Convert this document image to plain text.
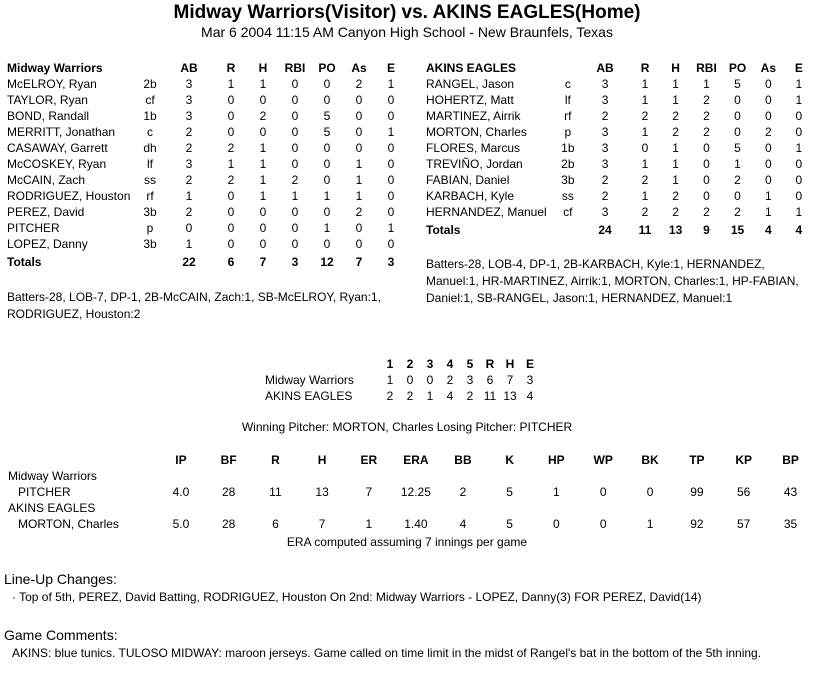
Midway Warriors(Visitor) vs. AKINS EAGLES(Home)
Mar 6 2004 11:15 AM Canyon High School - New Braunfels, Texas
Midway Warriors		AB	R	H	RBI	PO	As	E
McELROY, Ryan	2b	3	1	1	0	0	2	1
TAYLOR, Ryan	cf	3	0	0	0	0	0	0
BOND, Randall	1b	3	0	2	0	5	0	0
MERRITT, Jonathan	c	2	0	0	0	5	0	1
CASAWAY, Garrett	dh	2	2	1	0	0	0	0
McCOSKEY, Ryan	lf	3	1	1	0	0	1	0
McCAIN, Zach	ss	2	2	1	2	0	1	0
RODRIGUEZ, Houston	rf	1	0	1	1	1	1	0
PEREZ, David	3b	2	0	0	0	0	2	0
PITCHER	p	0	0	0	0	1	0	1
LOPEZ, Danny	3b	1	0	0	0	0	0	0
Totals		22	6	7	3	12	7	3
AKINS EAGLES		AB	R	H	RBI	PO	As	E
RANGEL, Jason	c	3	1	1	1	5	0	1
HOHERTZ, Matt	lf	3	1	1	2	0	0	1
MARTINEZ, Airrik	rf	2	2	2	2	0	0	0
MORTON, Charles	p	3	1	2	2	0	2	0
FLORES, Marcus	1b	3	0	1	0	5	0	1
TREVIÑO, Jordan	2b	3	1	1	0	1	0	0
FABIAN, Daniel	3b	2	2	1	0	2	0	0
KARBACH, Kyle	ss	2	1	2	0	0	1	0
HERNANDEZ, Manuel	cf	3	2	2	2	2	1	1
Totals		24	11	13	9	15	4	4
Batters-28, LOB-7, DP-1, 2B-McCAIN, Zach:1, SB-McELROY, Ryan:1, RODRIGUEZ, Houston:2
Batters-28, LOB-4, DP-1, 2B-KARBACH, Kyle:1, HERNANDEZ, Manuel:1, HR-MARTINEZ, Airrik:1, MORTON, Charles:1, HP-FABIAN, Daniel:1, SB-RANGEL, Jason:1, HERNANDEZ, Manuel:1
	1	2	3	4	5	R	H	E
Midway Warriors	1	0	0	2	3	6	7	3
AKINS EAGLES	2	2	1	4	2	11	13	4
Winning Pitcher: MORTON, Charles Losing Pitcher: PITCHER
	IP	BF	R	H	ER	ERA	BB	K	HP	WP	BK	TP	KP	BP
Midway Warriors														
PITCHER	4.0	28	11	13	7	12.25	2	5	1	0	0	99	56	43
AKINS EAGLES														
MORTON, Charles	5.0	28	6	7	1	1.40	4	5	0	0	1	92	57	35
ERA computed assuming 7 innings per game
Line-Up Changes:
· Top of 5th, PEREZ, David Batting, RODRIGUEZ, Houston On 2nd: Midway Warriors - LOPEZ, Danny(3) FOR PEREZ, David(14)
Game Comments:
AKINS: blue tunics. TULOSO MIDWAY: maroon jerseys. Game called on time limit in the midst of Rangel's bat in the bottom of the 5th inning.
